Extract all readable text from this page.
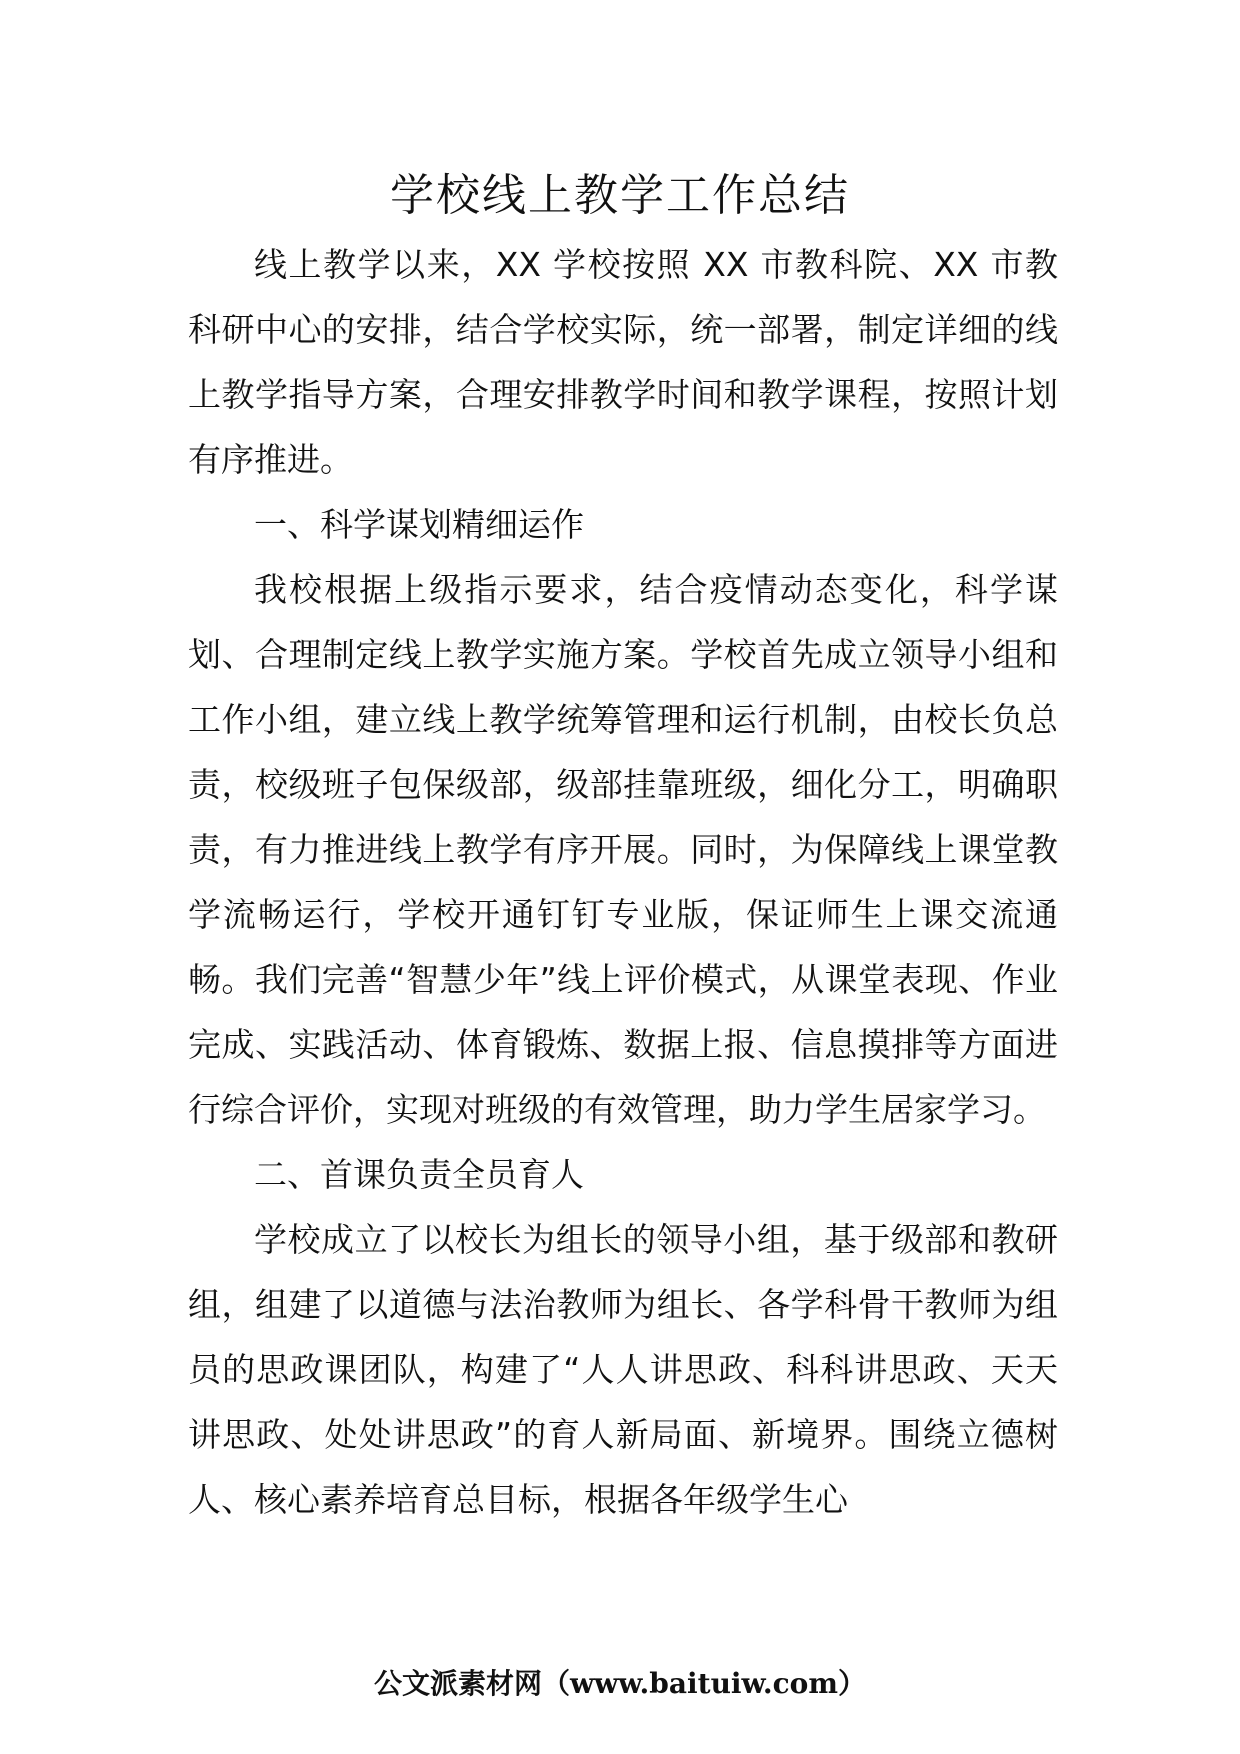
学校线上教学工作总结

线上教学以来，XX 学校按照 XX 市教科院、XX 市教科研中心的安排，结合学校实际，统一部署，制定详细的线上教学指导方案，合理安排教学时间和教学课程，按照计划有序推进。

一、科学谋划精细运作

我校根据上级指示要求，结合疫情动态变化，科学谋划、合理制定线上教学实施方案。学校首先成立领导小组和工作小组，建立线上教学统筹管理和运行机制，由校长负总责，校级班子包保级部，级部挂靠班级，细化分工，明确职责，有力推进线上教学有序开展。同时，为保障线上课堂教学流畅运行，学校开通钉钉专业版，保证师生上课交流通畅。我们完善“智慧少年”线上评价模式，从课堂表现、作业完成、实践活动、体育锻炼、数据上报、信息摸排等方面进行综合评价，实现对班级的有效管理，助力学生居家学习。

二、首课负责全员育人

学校成立了以校长为组长的领导小组，基于级部和教研组，组建了以道德与法治教师为组长、各学科骨干教师为组员的思政课团队，构建了“人人讲思政、科科讲思政、天天讲思政、处处讲思政”的育人新局面、新境界。围绕立德树人、核心素养培育总目标，根据各年级学生心

公文派素材网（www.baituiw.com）
